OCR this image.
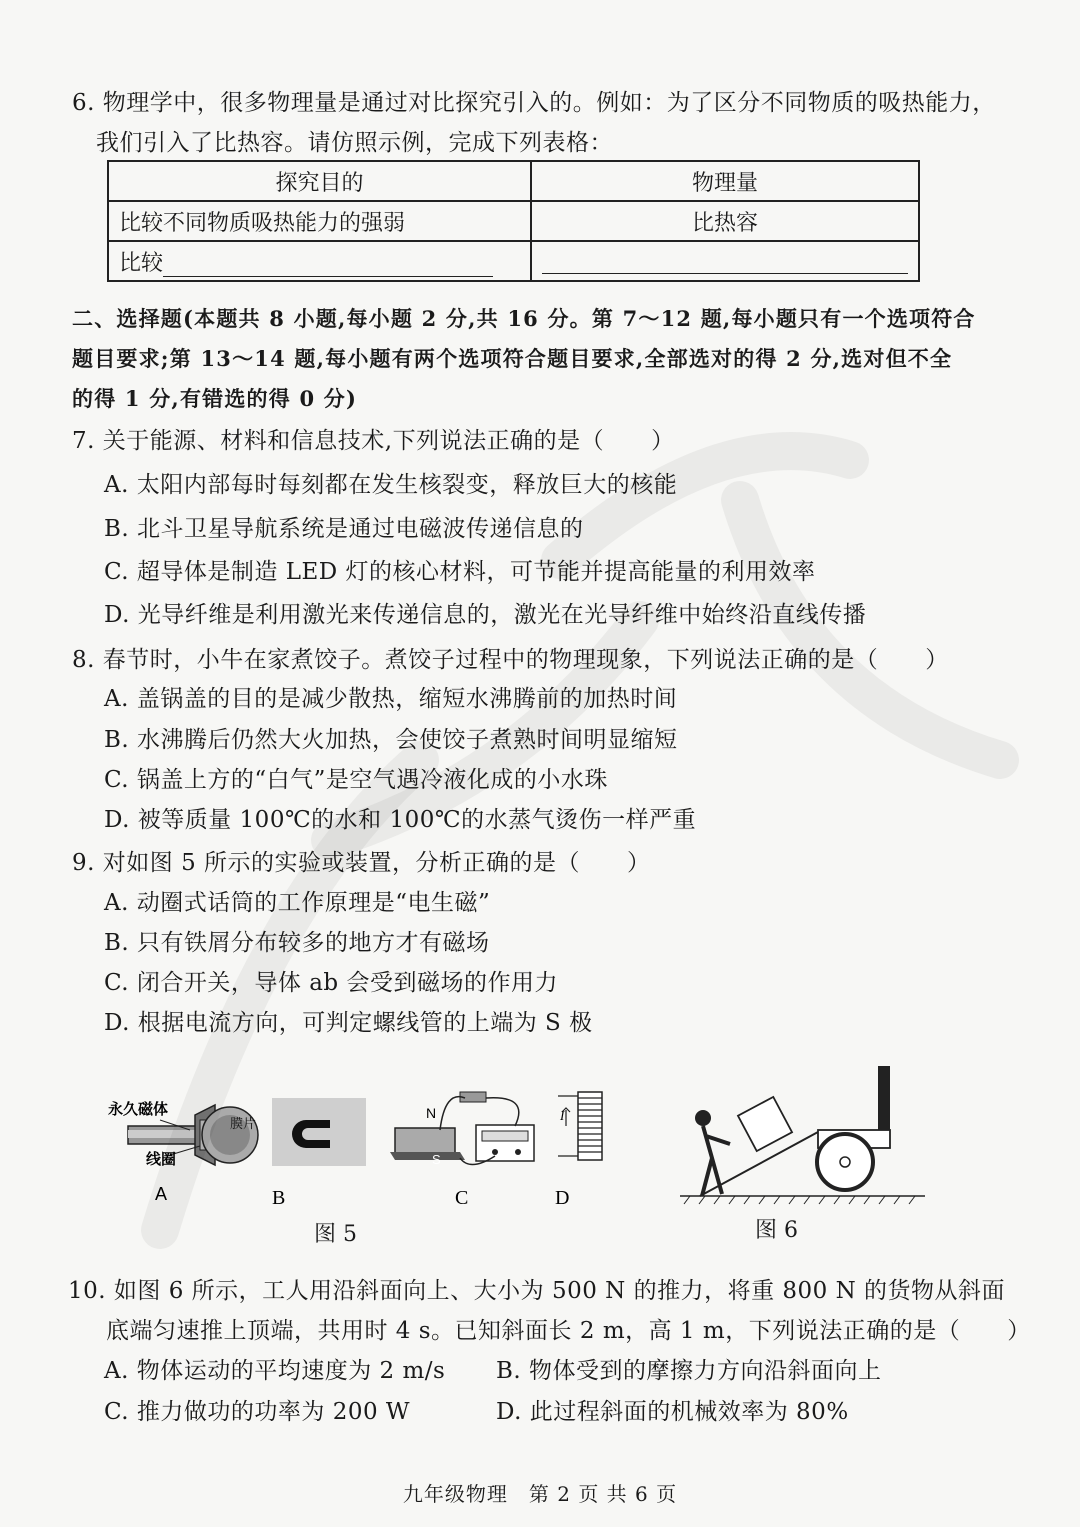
6. 物理学中，很多物理量是通过对比探究引入的。例如：为了区分不同物质的吸热能力，
我们引入了比热容。请仿照示例，完成下列表格：
探究目的	物理量
比较不同物质吸热能力的强弱	比热容
比较	
二、选择题(本题共 8 小题,每小题 2 分,共 16 分。第 7～12 题,每小题只有一个选项符合
题目要求;第 13～14 题,每小题有两个选项符合题目要求,全部选对的得 2 分,选对但不全
的得 1 分,有错选的得 0 分)
7. 关于能源、材料和信息技术,下列说法正确的是（　　）
A. 太阳内部每时每刻都在发生核裂变，释放巨大的核能
B. 北斗卫星导航系统是通过电磁波传递信息的
C. 超导体是制造 LED 灯的核心材料，可节能并提高能量的利用效率
D. 光导纤维是利用激光来传递信息的，激光在光导纤维中始终沿直线传播
8. 春节时，小牛在家煮饺子。煮饺子过程中的物理现象，下列说法正确的是（　　）
A. 盖锅盖的目的是减少散热，缩短水沸腾前的加热时间
B. 水沸腾后仍然大火加热，会使饺子煮熟时间明显缩短
C. 锅盖上方的“白气”是空气遇冷液化成的小水珠
D. 被等质量 100℃的水和 100℃的水蒸气烫伤一样严重
9. 对如图 5 所示的实验或装置，分析正确的是（　　）
A. 动圈式话筒的工作原理是“电生磁”
B. 只有铁屑分布较多的地方才有磁场
C. 闭合开关，导体 ab 会受到磁场的作用力
D. 根据电流方向，可判定螺线管的上端为 S 极
永久磁体
线圈
膜片
A	B
N
S
C
I
D
图 5	图 6
10. 如图 6 所示，工人用沿斜面向上、大小为 500 N 的推力，将重 800 N 的货物从斜面
底端匀速推上顶端，共用时 4 s。已知斜面长 2 m，高 1 m，下列说法正确的是（　　）
A. 物体运动的平均速度为 2 m/s B. 物体受到的摩擦力方向沿斜面向上
C. 推力做功的功率为 200 W	D. 此过程斜面的机械效率为 80%
九年级物理　第 2 页 共 6 页
